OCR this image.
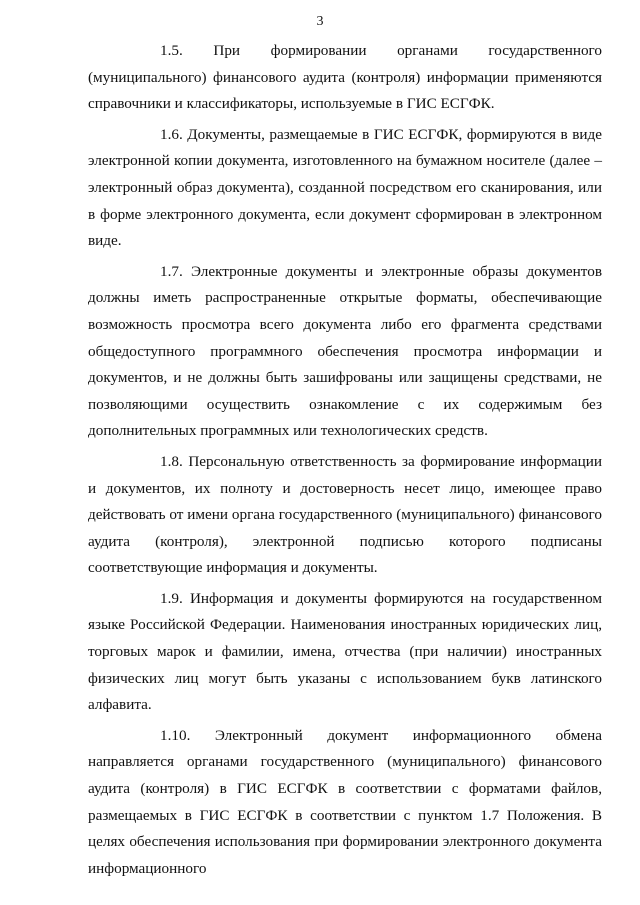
3

1.5. При формировании органами государственного (муниципального) финансового аудита (контроля) информации применяются справочники и классификаторы, используемые в ГИС ЕСГФК.

1.6. Документы, размещаемые в ГИС ЕСГФК, формируются в виде электронной копии документа, изготовленного на бумажном носителе (далее – электронный образ документа), созданной посредством его сканирования, или в форме электронного документа, если документ сформирован в электронном виде.

1.7. Электронные документы и электронные образы документов должны иметь распространенные открытые форматы, обеспечивающие возможность просмотра всего документа либо его фрагмента средствами общедоступного программного обеспечения просмотра информации и документов, и не должны быть зашифрованы или защищены средствами, не позволяющими осуществить ознакомление с их содержимым без дополнительных программных или технологических средств.

1.8. Персональную ответственность за формирование информации и документов, их полноту и достоверность несет лицо, имеющее право действовать от имени органа государственного (муниципального) финансового аудита (контроля), электронной подписью которого подписаны соответствующие информация и документы.

1.9. Информация и документы формируются на государственном языке Российской Федерации. Наименования иностранных юридических лиц, торговых марок и фамилии, имена, отчества (при наличии) иностранных физических лиц могут быть указаны с использованием букв латинского алфавита.

1.10. Электронный документ информационного обмена направляется органами государственного (муниципального) финансового аудита (контроля) в ГИС ЕСГФК в соответствии с форматами файлов, размещаемых в ГИС ЕСГФК в соответствии с пунктом 1.7 Положения. В целях обеспечения использования при формировании электронного документа информационного
